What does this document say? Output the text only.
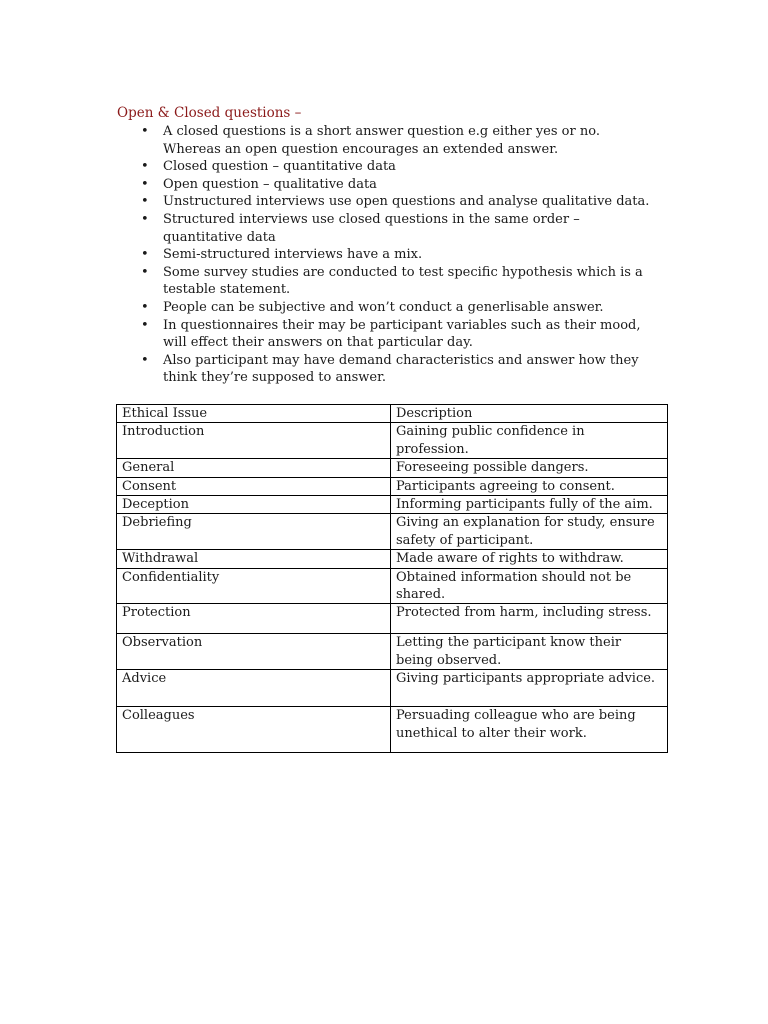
Open & Closed questions –
• A closed questions is a short answer question e.g either yes or no.
Whereas an open question encourages an extended answer.
• Closed question – quantitative data
• Open question – qualitative data
• Unstructured interviews use open questions and analyse qualitative data.
• Structured interviews use closed questions in the same order –
quantitative data
• Semi-structured interviews have a mix.
• Some survey studies are conducted to test specific hypothesis which is a
testable statement.
• People can be subjective and won’t conduct a generlisable answer.
• In questionnaires their may be participant variables such as their mood,
will effect their answers on that particular day.
• Also participant may have demand characteristics and answer how they
think they’re supposed to answer.
Ethical Issue	Description
Introduction	Gaining public confidence in
profession.
General	Foreseeing possible dangers.
Consent	Participants agreeing to consent.
Deception	Informing participants fully of the aim.
Debriefing	Giving an explanation for study, ensure
safety of participant.
Withdrawal	Made aware of rights to withdraw.
Confidentiality	Obtained information should not be
shared.
Protection	Protected from harm, including stress.
Observation	Letting the participant know their
being observed.
Advice	Giving participants appropriate advice.
Colleagues	Persuading colleague who are being
unethical to alter their work.
